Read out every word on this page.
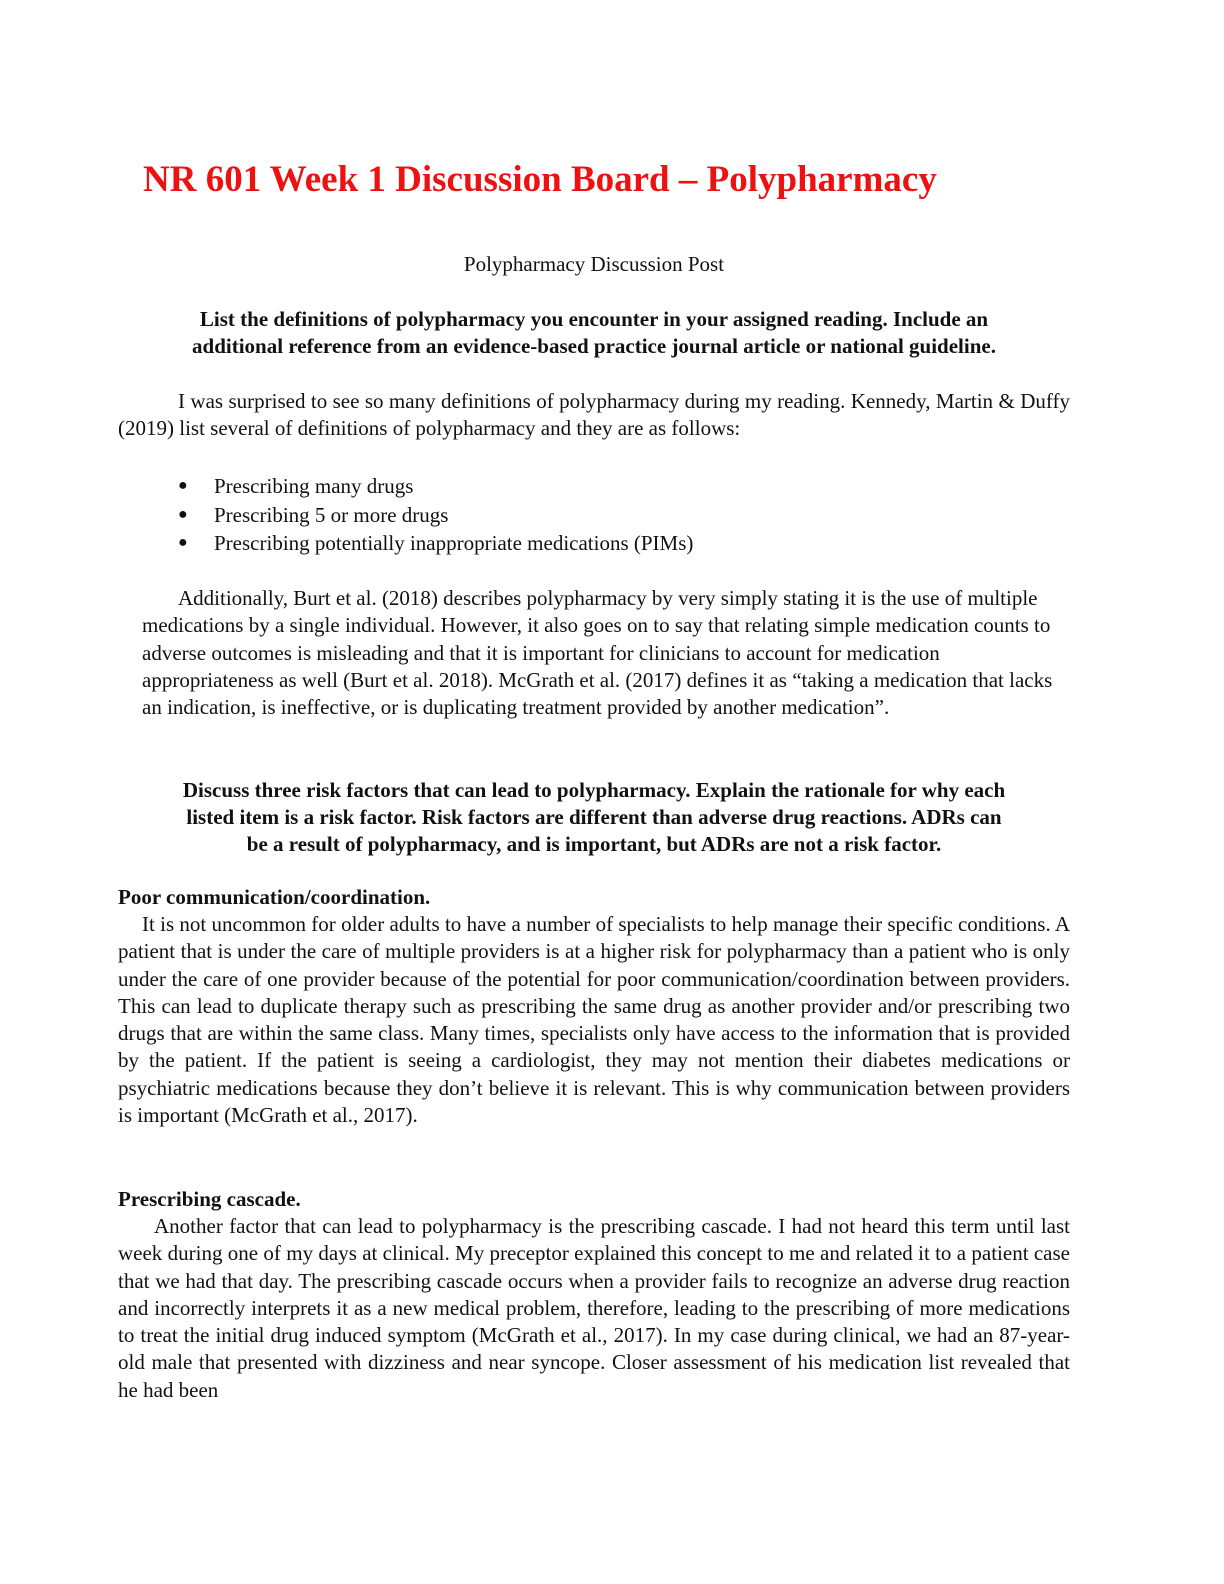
NR 601 Week 1 Discussion Board – Polypharmacy
Polypharmacy Discussion Post
List the definitions of polypharmacy you encounter in your assigned reading. Include an
additional reference from an evidence-based practice journal article or national guideline.

I was surprised to see so many definitions of polypharmacy during my reading. Kennedy, Martin & Duffy (2019) list several of definitions of polypharmacy and they are as follows:

● Prescribing many drugs
● Prescribing 5 or more drugs
● Prescribing potentially inappropriate medications (PIMs)

Additionally, Burt et al. (2018) describes polypharmacy by very simply stating it is the use of multiple medications by a single individual. However, it also goes on to say that relating simple medication counts to adverse outcomes is misleading and that it is important for clinicians to account for medication appropriateness as well (Burt et al. 2018). McGrath et al. (2017) defines it as “taking a medication that lacks an indication, is ineffective, or is duplicating treatment provided by another medication”.

Discuss three risk factors that can lead to polypharmacy. Explain the rationale for why each
listed item is a risk factor. Risk factors are different than adverse drug reactions. ADRs can
be a result of polypharmacy, and is important, but ADRs are not a risk factor.
Poor communication/coordination.

It is not uncommon for older adults to have a number of specialists to help manage their specific conditions. A patient that is under the care of multiple providers is at a higher risk for polypharmacy than a patient who is only under the care of one provider because of the potential for poor communication/coordination between providers. This can lead to duplicate therapy such as prescribing the same drug as another provider and/or prescribing two drugs that are within the same class. Many times, specialists only have access to the information that is provided by the patient. If the patient is seeing a cardiologist, they may not mention their diabetes medications or psychiatric medications because they don’t believe it is relevant. This is why communication between providers is important (McGrath et al., 2017).

Prescribing cascade.

Another factor that can lead to polypharmacy is the prescribing cascade. I had not heard this term until last week during one of my days at clinical. My preceptor explained this concept to me and related it to a patient case that we had that day. The prescribing cascade occurs when a provider fails to recognize an adverse drug reaction and incorrectly interprets it as a new medical problem, therefore, leading to the prescribing of more medications to treat the initial drug induced symptom (McGrath et al., 2017). In my case during clinical, we had an 87-year-old male that presented with dizziness and near syncope. Closer assessment of his medication list revealed that he had been
